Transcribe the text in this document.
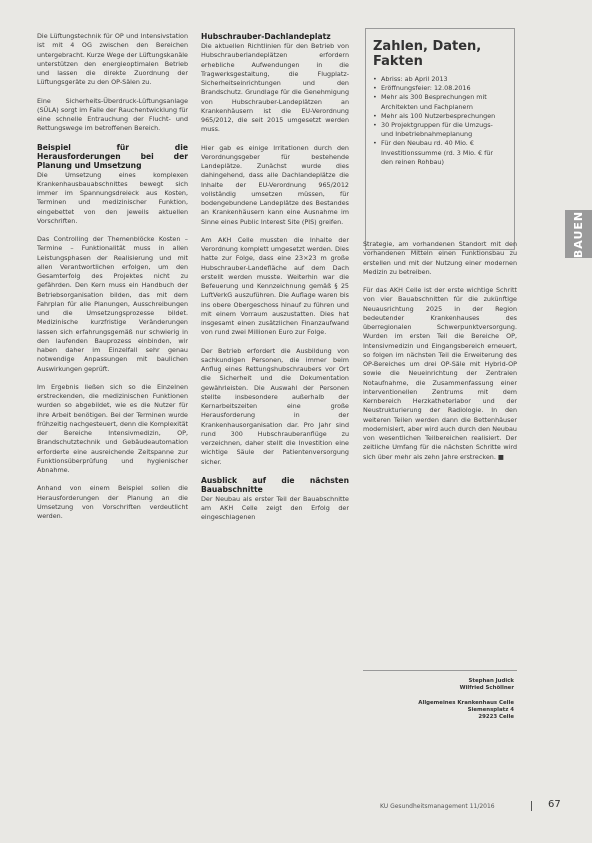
Die Lüftungstechnik für OP und Intensivstation ist mit 4 OG zwischen den Bereichen untergebracht. Kurze Wege der Lüftungskanäle unterstützen den energieoptimalen Betrieb und lassen die direkte Zuordnung der Lüftungsgeräte zu den OP-Sälen zu.

Eine Sicherheits-Überdruck-Lüftungsanlage (SÜLA) sorgt im Falle der Rauchentwicklung für eine schnelle Entrauchung der Flucht- und Rettungswege im betroffenen Bereich.

Beispiel für die Herausforderungen bei der Planung und Umsetzung

Die Umsetzung eines komplexen Krankenhausbauabschnittes bewegt sich immer im Spannungsdreieck aus Kosten, Terminen und medizinischer Funktion, eingebettet von den jeweils aktuellen Vorschriften.

Das Controlling der Themenblöcke Kosten – Termine – Funktionalität muss in allen Leistungsphasen der Realisierung und mit allen Verantwortlichen erfolgen, um den Gesamterfolg des Projektes nicht zu gefährden. Den Kern muss ein Handbuch der Betriebsorganisation bilden, das mit dem Fahrplan für alle Planungen, Ausschreibungen und die Umsetzungsprozesse bildet. Medizinische kurzfristige Veränderungen lassen sich erfahrungsgemäß nur schwierig in den laufenden Bauprozess einbinden, wir haben daher im Einzelfall sehr genau notwendige Anpassungen mit baulichen Auswirkungen geprüft.

Im Ergebnis ließen sich so die Einzelnen erstreckenden, die medizinischen Funktionen wurden so abgebildet, wie es die Nutzer für ihre Arbeit benötigen. Bei der Terminen wurde frühzeitig nachgesteuert, denn die Komplexität der Bereiche Intensivmedizin, OP, Brandschutztechnik und Gebäudeautomation erforderte eine ausreichende Zeitspanne zur Funktionsüberprüfung und hygienischer Abnahme.

Anhand von einem Beispiel sollen die Herausforderungen der Planung an die Umsetzung von Vorschriften verdeutlicht werden.

Hubschrauber-Dachlandeplatz

Die aktuellen Richtlinien für den Betrieb von Hubschrauberlandeplätzen erfordern erhebliche Aufwendungen in die Tragwerksgestaltung, die Flugplatz-Sicherheitseinrichtungen und den Brandschutz. Grundlage für die Genehmigung von Hubschrauber-Landeplätzen an Krankenhäusern ist die EU-Verordnung 965/2012, die seit 2015 umgesetzt werden muss.

Hier gab es einige Irritationen durch den Verordnungsgeber für bestehende Landeplätze. Zunächst wurde dies dahingehend, dass alle Dachlandeplätze die Inhalte der EU-Verordnung 965/2012 vollständig umsetzen müssen, für bodengebundene Landeplätze des Bestandes an Krankenhäusern kann eine Ausnahme im Sinne eines Public Interest Site (PIS) greifen.

Am AKH Celle mussten die Inhalte der Verordnung komplett umgesetzt werden. Dies hatte zur Folge, dass eine 23×23 m große Hubschrauber-Landefläche auf dem Dach erstellt werden musste. Weiterhin war die Befeuerung und Kennzeichnung gemäß § 25 LuftVerkG auszuführen. Die Auflage waren bis ins obere Obergeschoss hinauf zu führen und mit einem Vorraum auszustatten. Dies hat insgesamt einen zusätzlichen Finanzaufwand von rund zwei Millionen Euro zur Folge.

Der Betrieb erfordert die Ausbildung von sachkundigen Personen, die immer beim Anflug eines Rettungshubschraubers vor Ort die Sicherheit und die Dokumentation gewährleisten. Die Auswahl der Personen stellte insbesondere außerhalb der Kernarbeitszeiten eine große Herausforderung in der Krankenhausorganisation dar. Pro Jahr sind rund 300 Hubschrauberanflüge zu verzeichnen, daher stellt die Investition eine wichtige Säule der Patientenversorgung sicher.

Ausblick auf die nächsten Bauabschnitte

Der Neubau als erster Teil der Bauabschnitte am AKH Celle zeigt den Erfolg der eingeschlagenen

Zahlen, Daten, Fakten
• Abriss: ab April 2013
• Eröffnungsfeier: 12.08.2016
• Mehr als 300 Besprechungen mit Architekten und Fachplanern
• Mehr als 100 Nutzerbesprechungen
• 30 Projektgruppen für die Umzugs- und Inbetriebnahmeplanung
• Für den Neubau rd. 40 Mio. € Investitionssumme (rd. 3 Mio. € für den reinen Rohbau)
BAUEN

Strategie, am vorhandenen Standort mit den vorhandenen Mitteln einen Funktionsbau zu erstellen und mit der Nutzung einer modernen Medizin zu betreiben.

Für das AKH Celle ist der erste wichtige Schritt von vier Bauabschnitten für die zukünftige Neuausrichtung 2025 in der Region bedeutender Krankenhauses des überregionalen Schwerpunktversorgung. Wurden im ersten Teil die Bereiche OP, Intensivmedizin und Eingangsbereich erneuert, so folgen im nächsten Teil die Erweiterung des OP-Bereiches um drei OP-Säle mit Hybrid-OP sowie die Neueinrichtung der Zentralen Notaufnahme, die Zusammenfassung einer interventionellen Zentrums mit dem Kernbereich Herzkatheterlabor und der Neustrukturierung der Radiologie. In den weiteren Teilen werden dann die Bettenhäuser modernisiert, aber wird auch durch den Neubau von wesentlichen Teilbereichen realisiert. Der zeitliche Umfang für die nächsten Schritte wird sich über mehr als zehn Jahre erstrecken. ■

Stephan Judick
Wilfried Schöllner
Allgemeines Krankenhaus Celle
Siemensplatz 4
29223 Celle
KU Gesundheitsmanagement 11/2016	67
